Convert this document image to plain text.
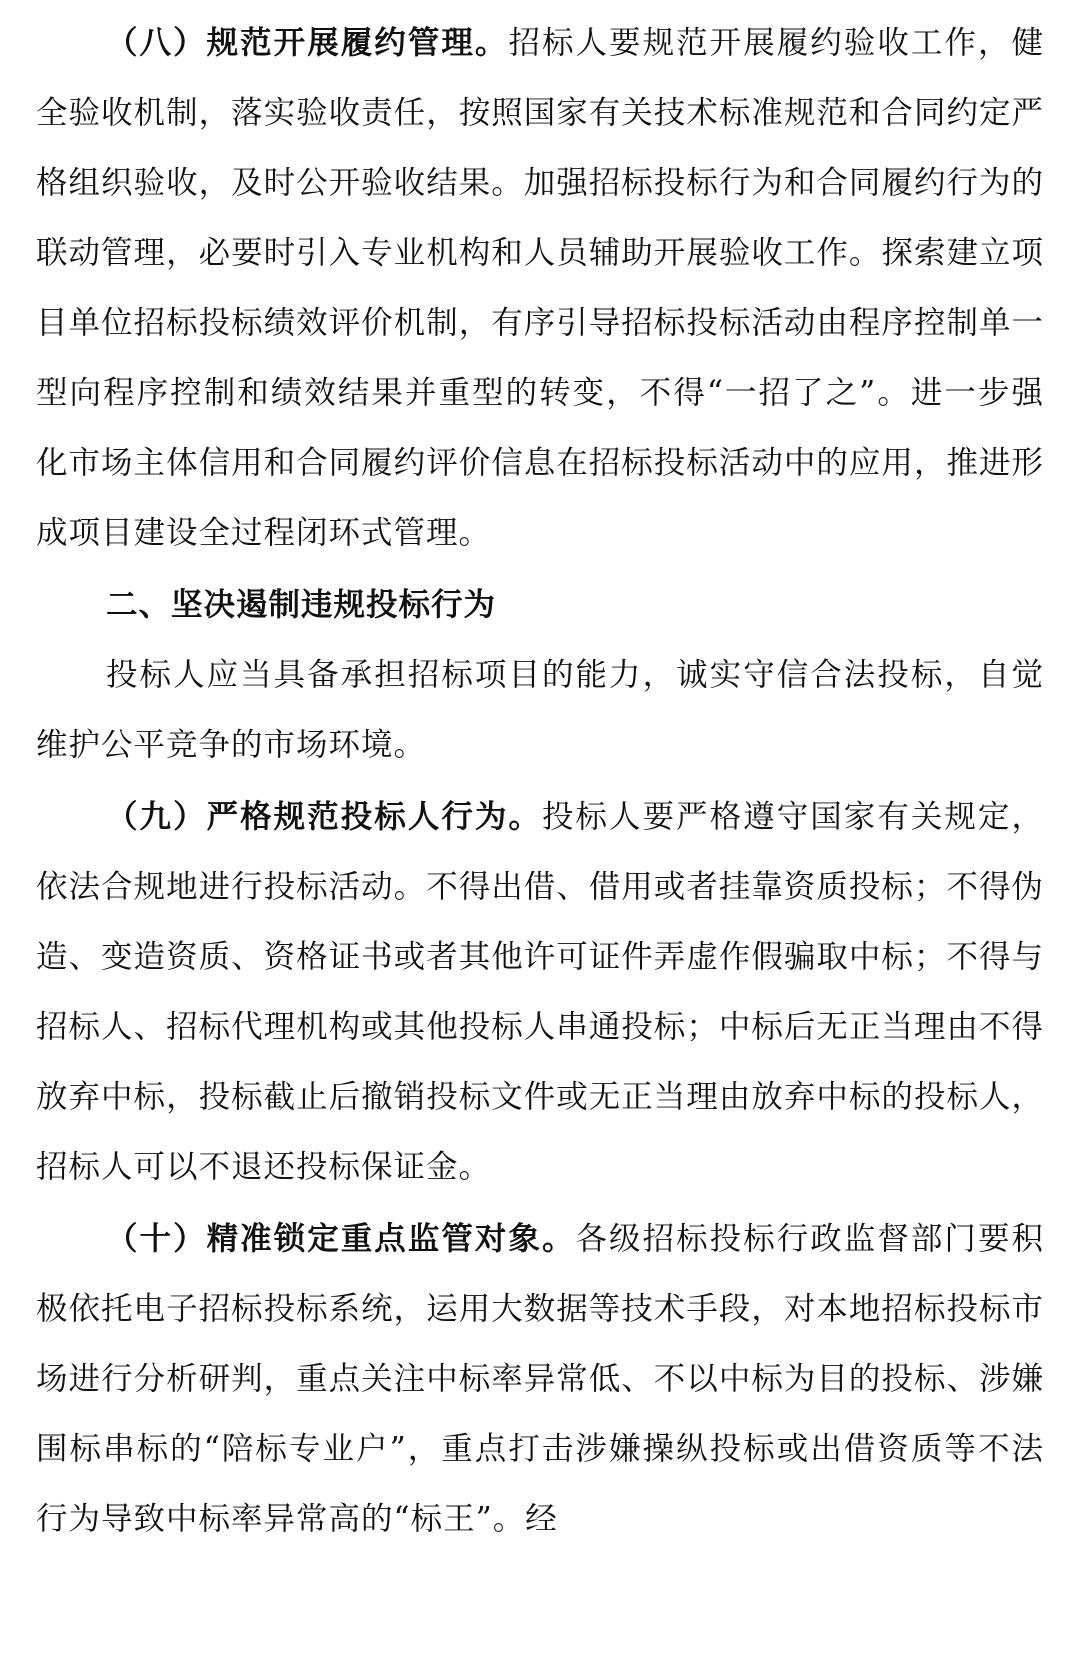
（八）规范开展履约管理。招标人要规范开展履约验收工作，健全验收机制，落实验收责任，按照国家有关技术标准规范和合同约定严格组织验收，及时公开验收结果。加强招标投标行为和合同履约行为的联动管理，必要时引入专业机构和人员辅助开展验收工作。探索建立项目单位招标投标绩效评价机制，有序引导招标投标活动由程序控制单一型向程序控制和绩效结果并重型的转变，不得“一招了之”。进一步强化市场主体信用和合同履约评价信息在招标投标活动中的应用，推进形成项目建设全过程闭环式管理。

二、坚决遏制违规投标行为

投标人应当具备承担招标项目的能力，诚实守信合法投标，自觉维护公平竞争的市场环境。

（九）严格规范投标人行为。投标人要严格遵守国家有关规定，依法合规地进行投标活动。不得出借、借用或者挂靠资质投标；不得伪造、变造资质、资格证书或者其他许可证件弄虚作假骗取中标；不得与招标人、招标代理机构或其他投标人串通投标；中标后无正当理由不得放弃中标，投标截止后撤销投标文件或无正当理由放弃中标的投标人，招标人可以不退还投标保证金。

（十）精准锁定重点监管对象。各级招标投标行政监督部门要积极依托电子招标投标系统，运用大数据等技术手段，对本地招标投标市场进行分析研判，重点关注中标率异常低、不以中标为目的投标、涉嫌围标串标的“陪标专业户”，重点打击涉嫌操纵投标或出借资质等不法行为导致中标率异常高的“标王”。经
